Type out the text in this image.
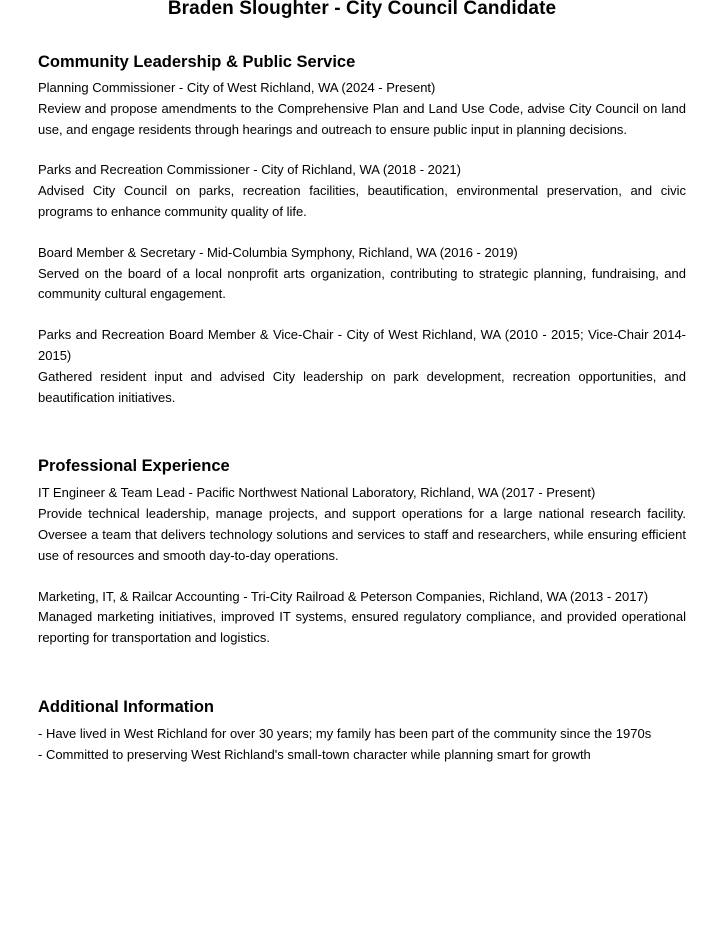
Braden Sloughter - City Council Candidate
Community Leadership & Public Service

Planning Commissioner - City of West Richland, WA (2024 - Present)

Review and propose amendments to the Comprehensive Plan and Land Use Code, advise City Council on land use, and engage residents through hearings and outreach to ensure public input in planning decisions.

Parks and Recreation Commissioner - City of Richland, WA (2018 - 2021)

Advised City Council on parks, recreation facilities, beautification, environmental preservation, and civic programs to enhance community quality of life.

Board Member & Secretary - Mid-Columbia Symphony, Richland, WA (2016 - 2019)

Served on the board of a local nonprofit arts organization, contributing to strategic planning, fundraising, and community cultural engagement.

Parks and Recreation Board Member & Vice-Chair - City of West Richland, WA (2010 - 2015; Vice-Chair 2014-2015)

Gathered resident input and advised City leadership on park development, recreation opportunities, and beautification initiatives.

Professional Experience

IT Engineer & Team Lead - Pacific Northwest National Laboratory, Richland, WA (2017 - Present)

Provide technical leadership, manage projects, and support operations for a large national research facility. Oversee a team that delivers technology solutions and services to staff and researchers, while ensuring efficient use of resources and smooth day-to-day operations.

Marketing, IT, & Railcar Accounting - Tri-City Railroad & Peterson Companies, Richland, WA (2013 - 2017)

Managed marketing initiatives, improved IT systems, ensured regulatory compliance, and provided operational reporting for transportation and logistics.

Additional Information

- Have lived in West Richland for over 30 years; my family has been part of the community since the 1970s

- Committed to preserving West Richland's small-town character while planning smart for growth
